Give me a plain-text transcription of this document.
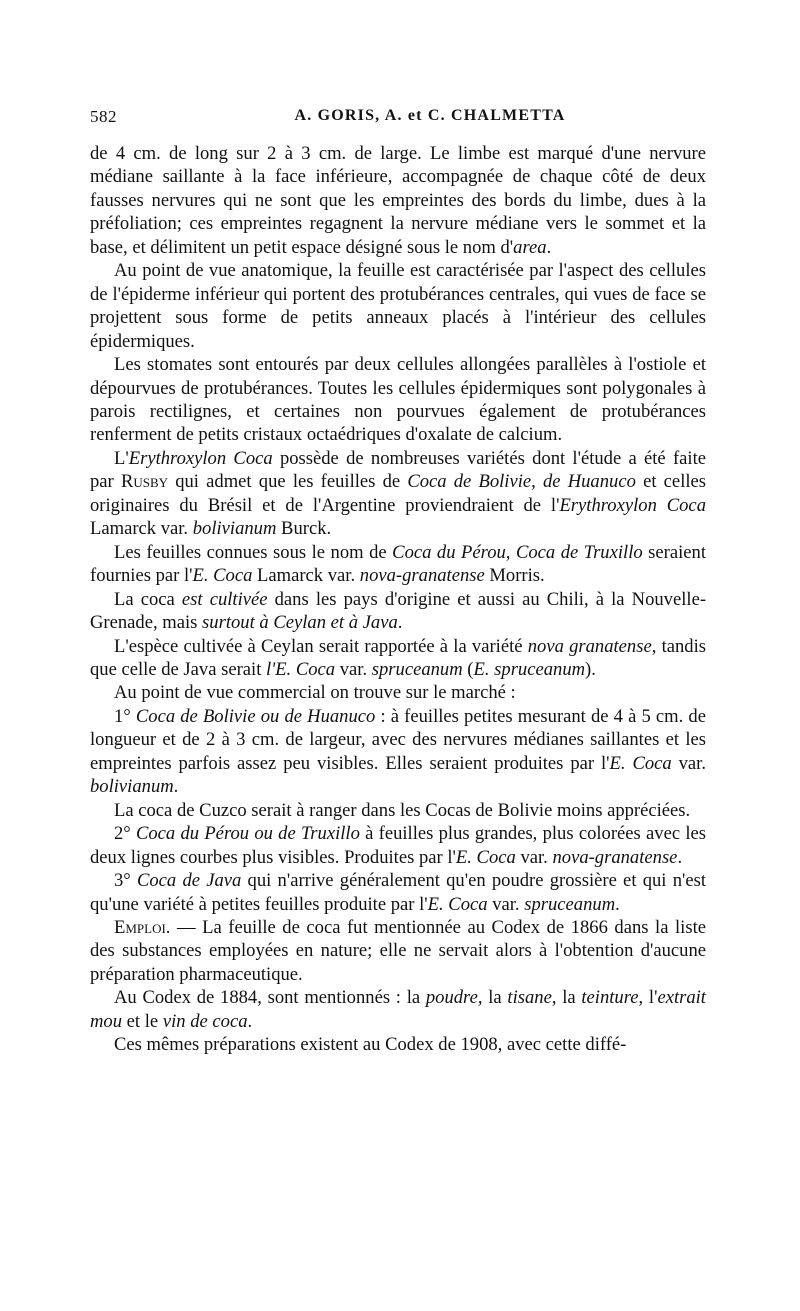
582	A. GORIS, A. et C. CHALMETTA

de 4 cm. de long sur 2 à 3 cm. de large. Le limbe est marqué d'une nervure médiane saillante à la face inférieure, accompagnée de chaque côté de deux fausses nervures qui ne sont que les empreintes des bords du limbe, dues à la préfoliation; ces empreintes regagnent la nervure médiane vers le sommet et la base, et délimitent un petit espace désigné sous le nom d'area.

Au point de vue anatomique, la feuille est caractérisée par l'aspect des cellules de l'épiderme inférieur qui portent des protubérances centrales, qui vues de face se projettent sous forme de petits anneaux placés à l'intérieur des cellules épidermiques.

Les stomates sont entourés par deux cellules allongées parallèles à l'ostiole et dépourvues de protubérances. Toutes les cellules épidermiques sont polygonales à parois rectilignes, et certaines non pourvues également de protubérances renferment de petits cristaux octaédriques d'oxalate de calcium.

L'Erythroxylon Coca possède de nombreuses variétés dont l'étude a été faite par Rusby qui admet que les feuilles de Coca de Bolivie, de Huanuco et celles originaires du Brésil et de l'Argentine proviendraient de l'Erythroxylon Coca Lamarck var. bolivianum Burck.

Les feuilles connues sous le nom de Coca du Pérou, Coca de Truxillo seraient fournies par l'E. Coca Lamarck var. nova-granatense Morris.

La coca est cultivée dans les pays d'origine et aussi au Chili, à la Nouvelle-Grenade, mais surtout à Ceylan et à Java.

L'espèce cultivée à Ceylan serait rapportée à la variété nova granatense, tandis que celle de Java serait l'E. Coca var. spruceanum (E. spruceanum).

Au point de vue commercial on trouve sur le marché :

1° Coca de Bolivie ou de Huanuco : à feuilles petites mesurant de 4 à 5 cm. de longueur et de 2 à 3 cm. de largeur, avec des nervures médianes saillantes et les empreintes parfois assez peu visibles. Elles seraient produites par l'E. Coca var. bolivianum.

La coca de Cuzco serait à ranger dans les Cocas de Bolivie moins appréciées.

2° Coca du Pérou ou de Truxillo à feuilles plus grandes, plus colorées avec les deux lignes courbes plus visibles. Produites par l'E. Coca var. nova-granatense.

3° Coca de Java qui n'arrive généralement qu'en poudre grossière et qui n'est qu'une variété à petites feuilles produite par l'E. Coca var. spruceanum.

Emploi. — La feuille de coca fut mentionnée au Codex de 1866 dans la liste des substances employées en nature; elle ne servait alors à l'obtention d'aucune préparation pharmaceutique.

Au Codex de 1884, sont mentionnés : la poudre, la tisane, la teinture, l'extrait mou et le vin de coca.

Ces mêmes préparations existent au Codex de 1908, avec cette diffé-
